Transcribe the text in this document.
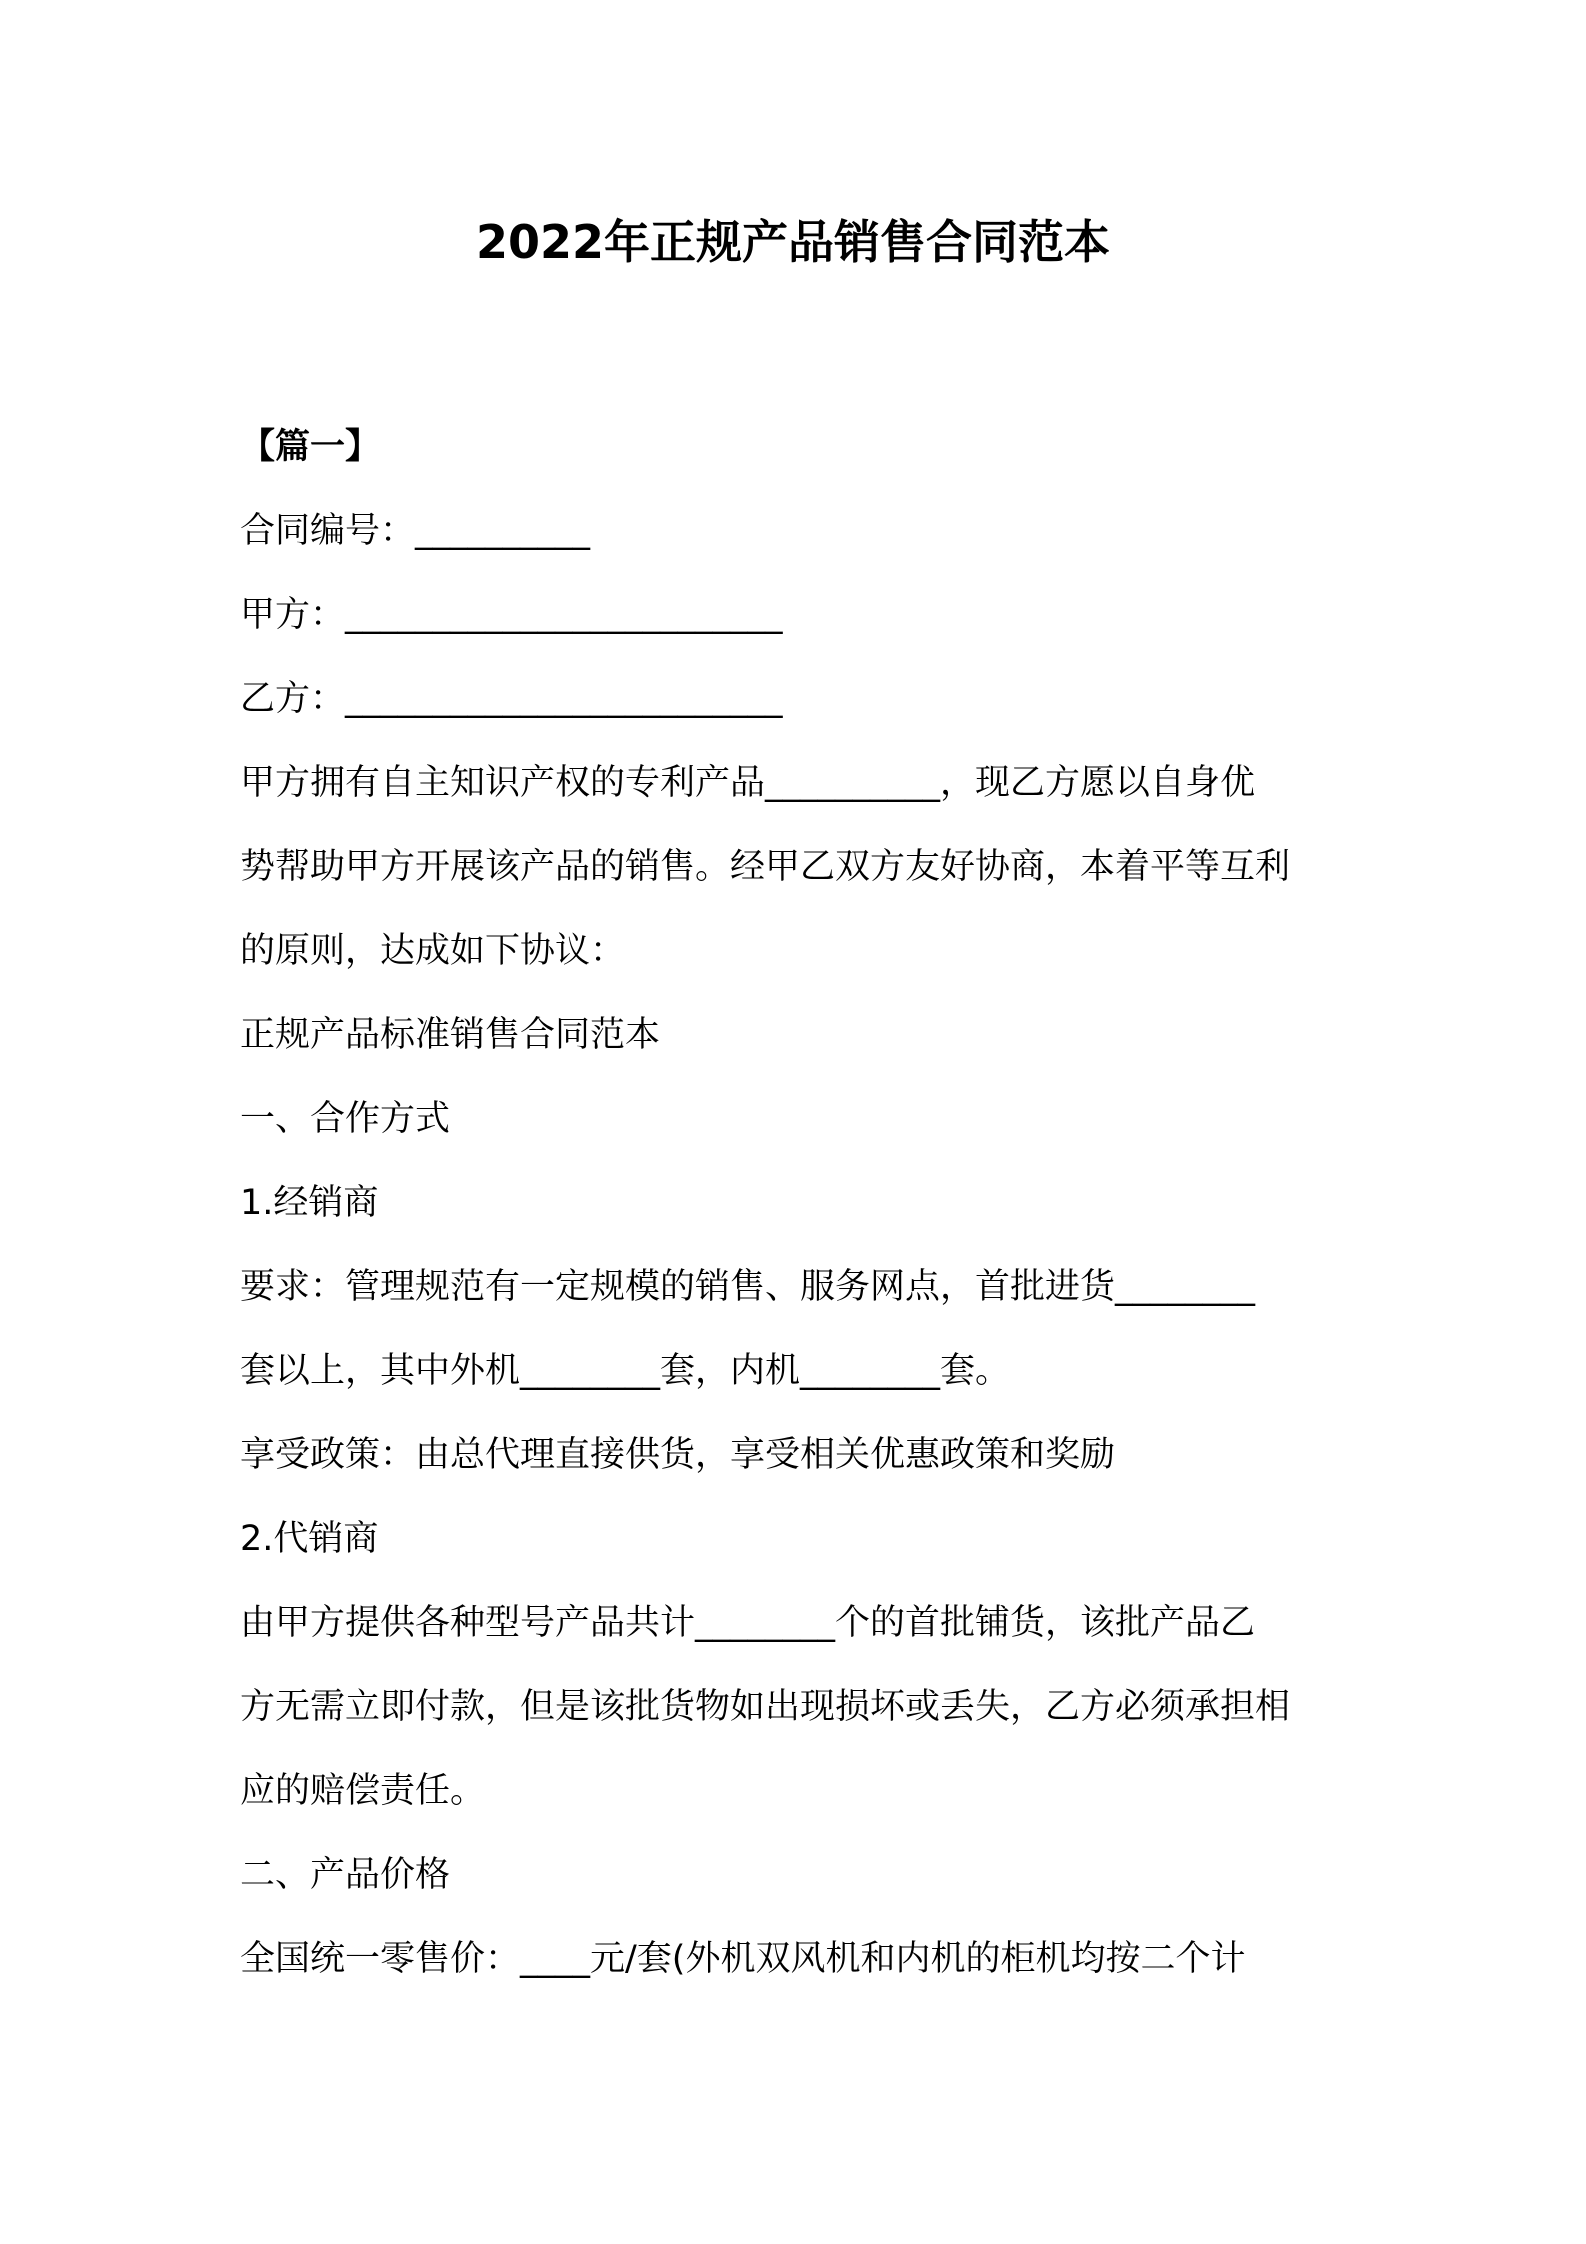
2022年正规产品销售合同范本
【篇一】
合同编号：__________
甲方：_________________________
乙方：_________________________
甲方拥有自主知识产权的专利产品__________，现乙方愿以自身优
势帮助甲方开展该产品的销售。经甲乙双方友好协商，本着平等互利
的原则，达成如下协议：
正规产品标准销售合同范本
一、合作方式
1.经销商
要求：管理规范有一定规模的销售、服务网点，首批进货________
套以上，其中外机________套，内机________套。
享受政策：由总代理直接供货，享受相关优惠政策和奖励
2.代销商
由甲方提供各种型号产品共计________个的首批铺货，该批产品乙
方无需立即付款，但是该批货物如出现损坏或丢失，乙方必须承担相
应的赔偿责任。
二、产品价格
全国统一零售价：____元/套(外机双风机和内机的柜机均按二个计
